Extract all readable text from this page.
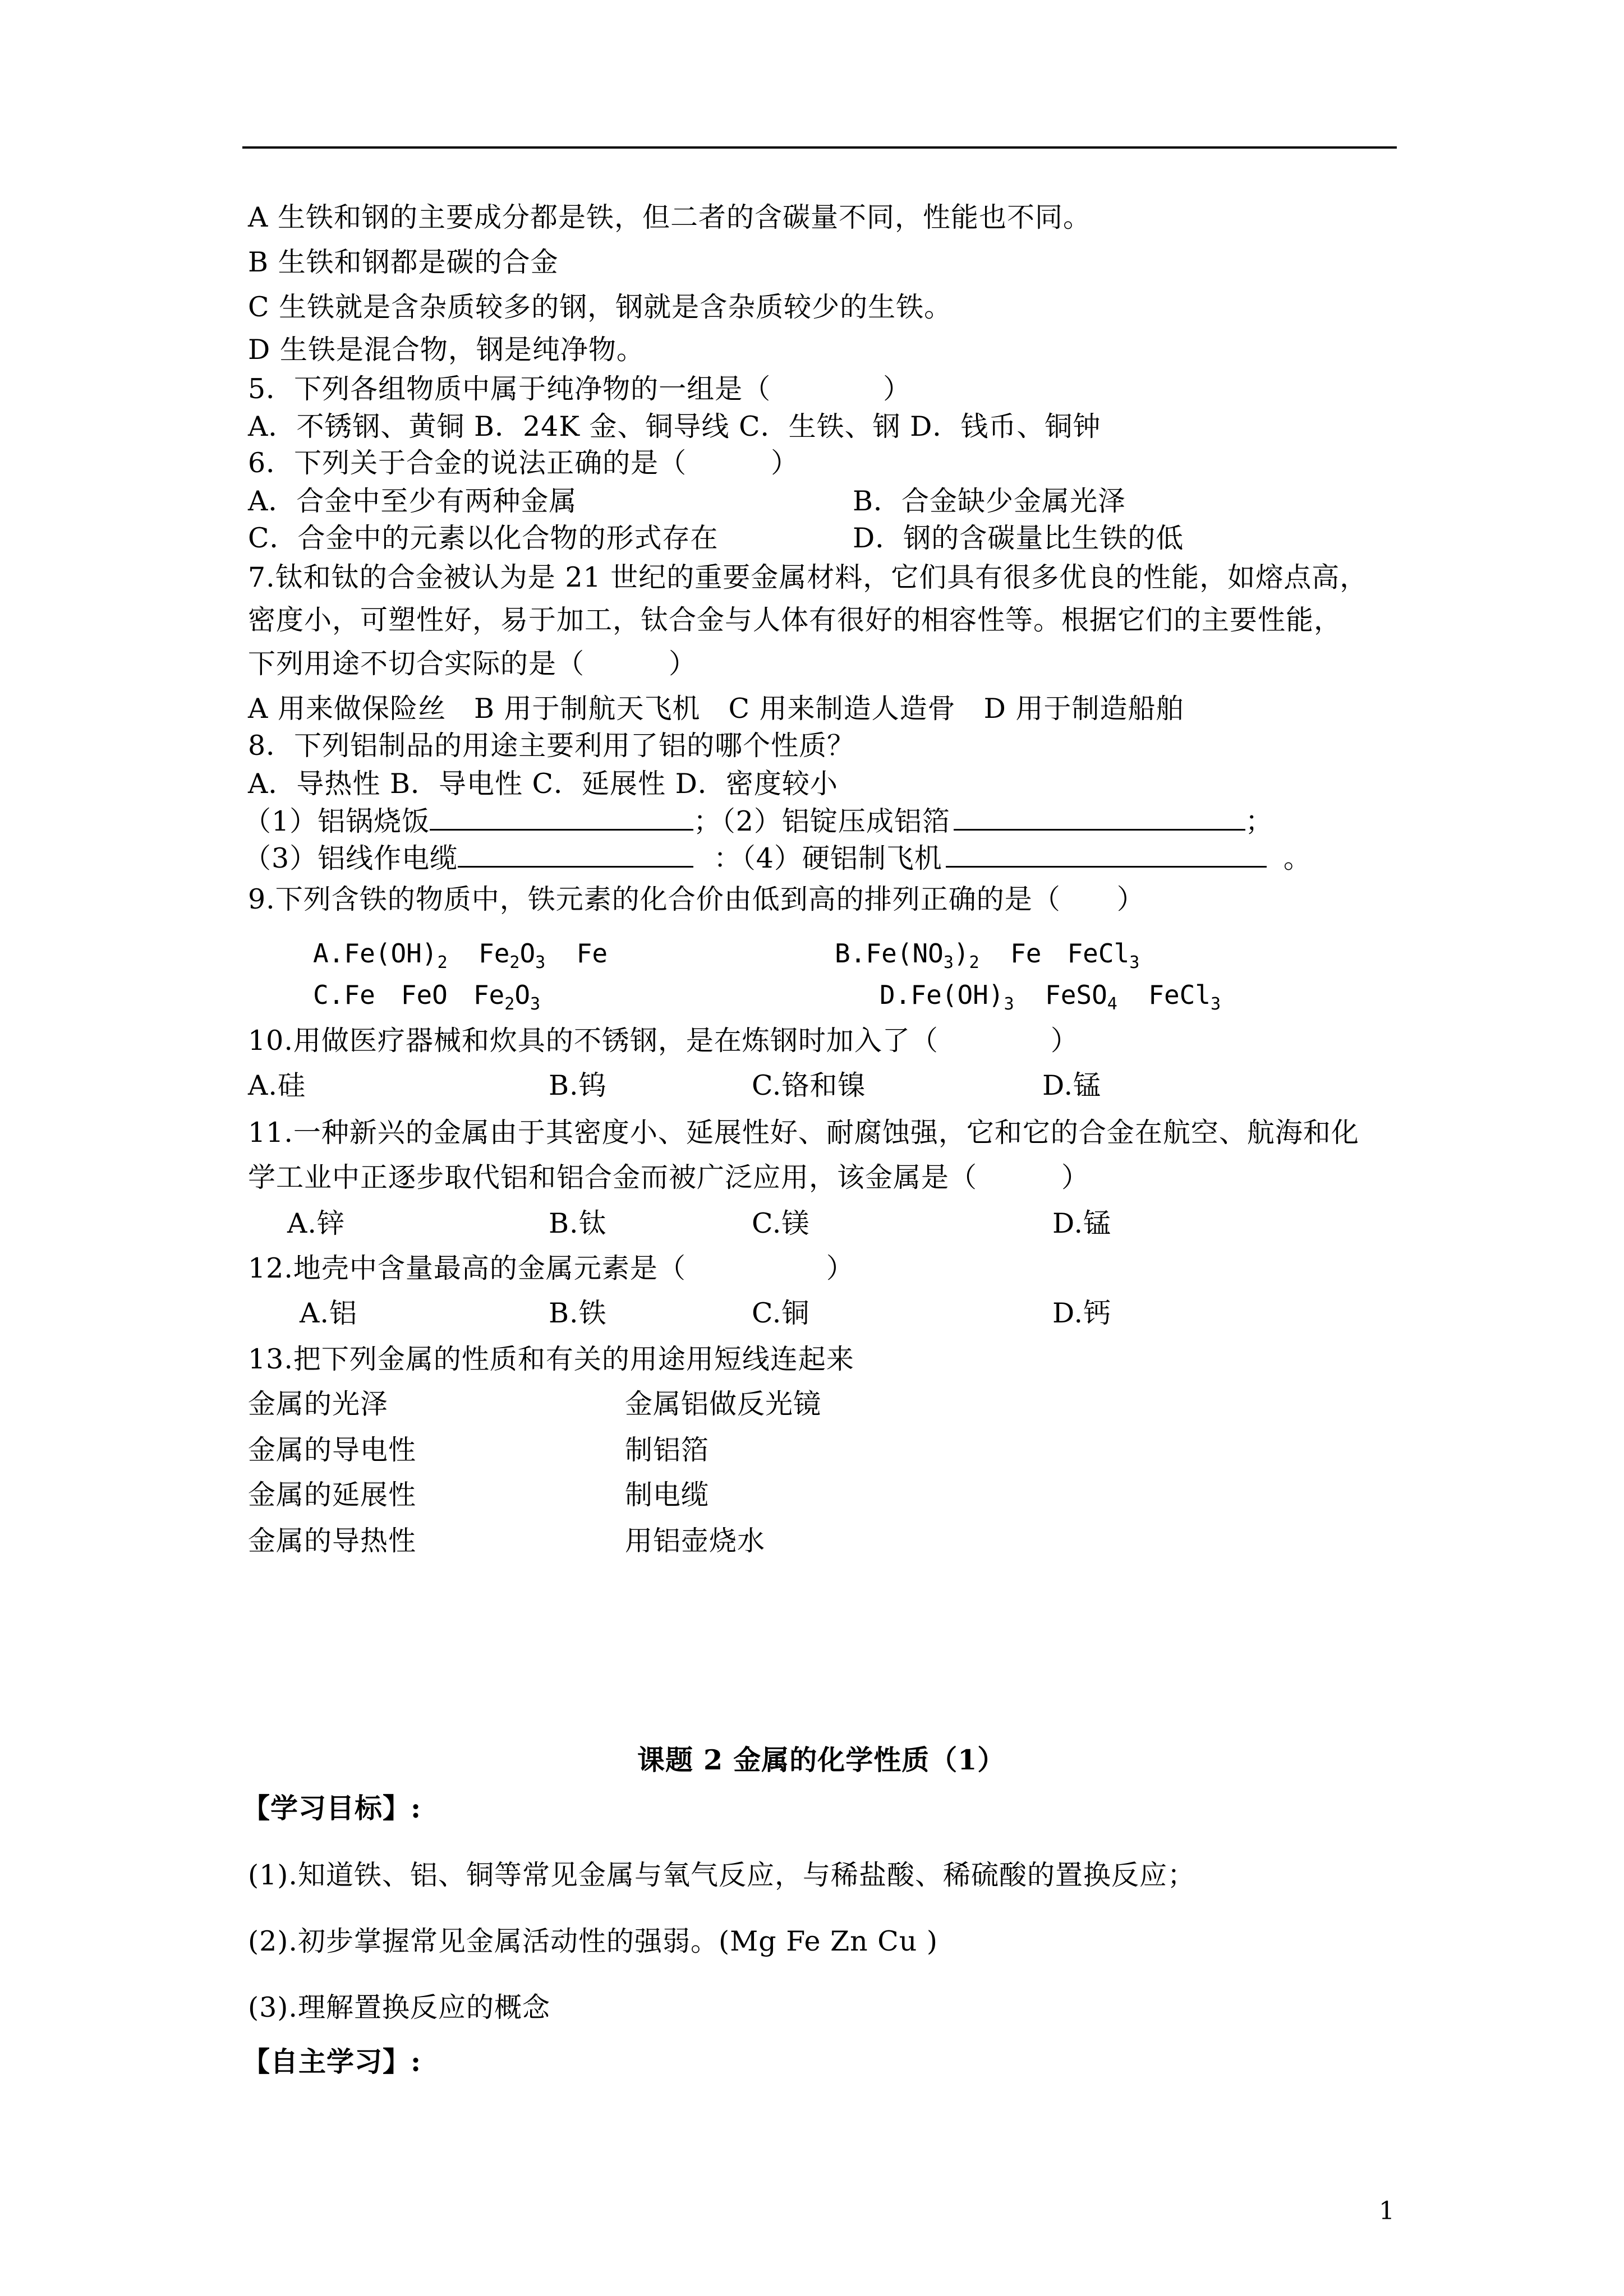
A 生铁和钢的主要成分都是铁，但二者的含碳量不同，性能也不同。
B 生铁和钢都是碳的合金
C 生铁就是含杂质较多的钢，钢就是含杂质较少的生铁。
D 生铁是混合物，钢是纯净物。
5．下列各组物质中属于纯净物的一组是（　　　　）
A．不锈钢、黄铜 B．24K 金、铜导线 C．生铁、钢 D．钱币、铜钟
6．下列关于合金的说法正确的是（　　　）
A．合金中至少有两种金属	B．合金缺少金属光泽
C．合金中的元素以化合物的形式存在	D．钢的含碳量比生铁的低
7.钛和钛的合金被认为是 21 世纪的重要金属材料，它们具有很多优良的性能，如熔点高，
密度小，可塑性好，易于加工，钛合金与人体有很好的相容性等。根据它们的主要性能，
下列用途不切合实际的是（　　　）
A 用来做保险丝　B 用于制航天飞机　C 用来制造人造骨　D 用于制造船舶
8．下列铝制品的用途主要利用了铝的哪个性质？
A．导热性 B．导电性 C．延展性 D．密度较小
（1）铝锅烧饭	；（2）铝锭压成铝箔	；
（3）铝线作电缆	：（4）硬铝制飞机	。
9.下列含铁的物质中，铁元素的化合价由低到高的排列正确的是（　　）
$A.Fe(OH)_2$ $Fe_2O_3$ Fe	$B.Fe(NO_3)_2$ Fe　FeCl$_3$
C.Fe　FeO　$Fe_2O_3$	$D.Fe(OH)_3$ FeSO$_4$ FeCl$_3$
10.用做医疗器械和炊具的不锈钢，是在炼钢时加入了（　　　　）
A.硅	B.钨	C.铬和镍	D.锰
11.一种新兴的金属由于其密度小、延展性好、耐腐蚀强，它和它的合金在航空、航海和化
学工业中正逐步取代铝和铝合金而被广泛应用，该金属是（　　　）
A.锌	B.钛	C.镁	D.锰
12.地壳中含量最高的金属元素是（　　　　　）
A.铝	B.铁	C.铜	D.钙
13.把下列金属的性质和有关的用途用短线连起来
金属的光泽	金属铝做反光镜
金属的导电性	制铝箔
金属的延展性	制电缆
金属的导热性	用铝壶烧水
课题 2 金属的化学性质（1）
【学习目标】:
(1).知道铁、铝、铜等常见金属与氧气反应，与稀盐酸、稀硫酸的置换反应；
(2).初步掌握常见金属活动性的强弱。(Mg Fe Zn Cu )
(3).理解置换反应的概念
【自主学习】:
1
